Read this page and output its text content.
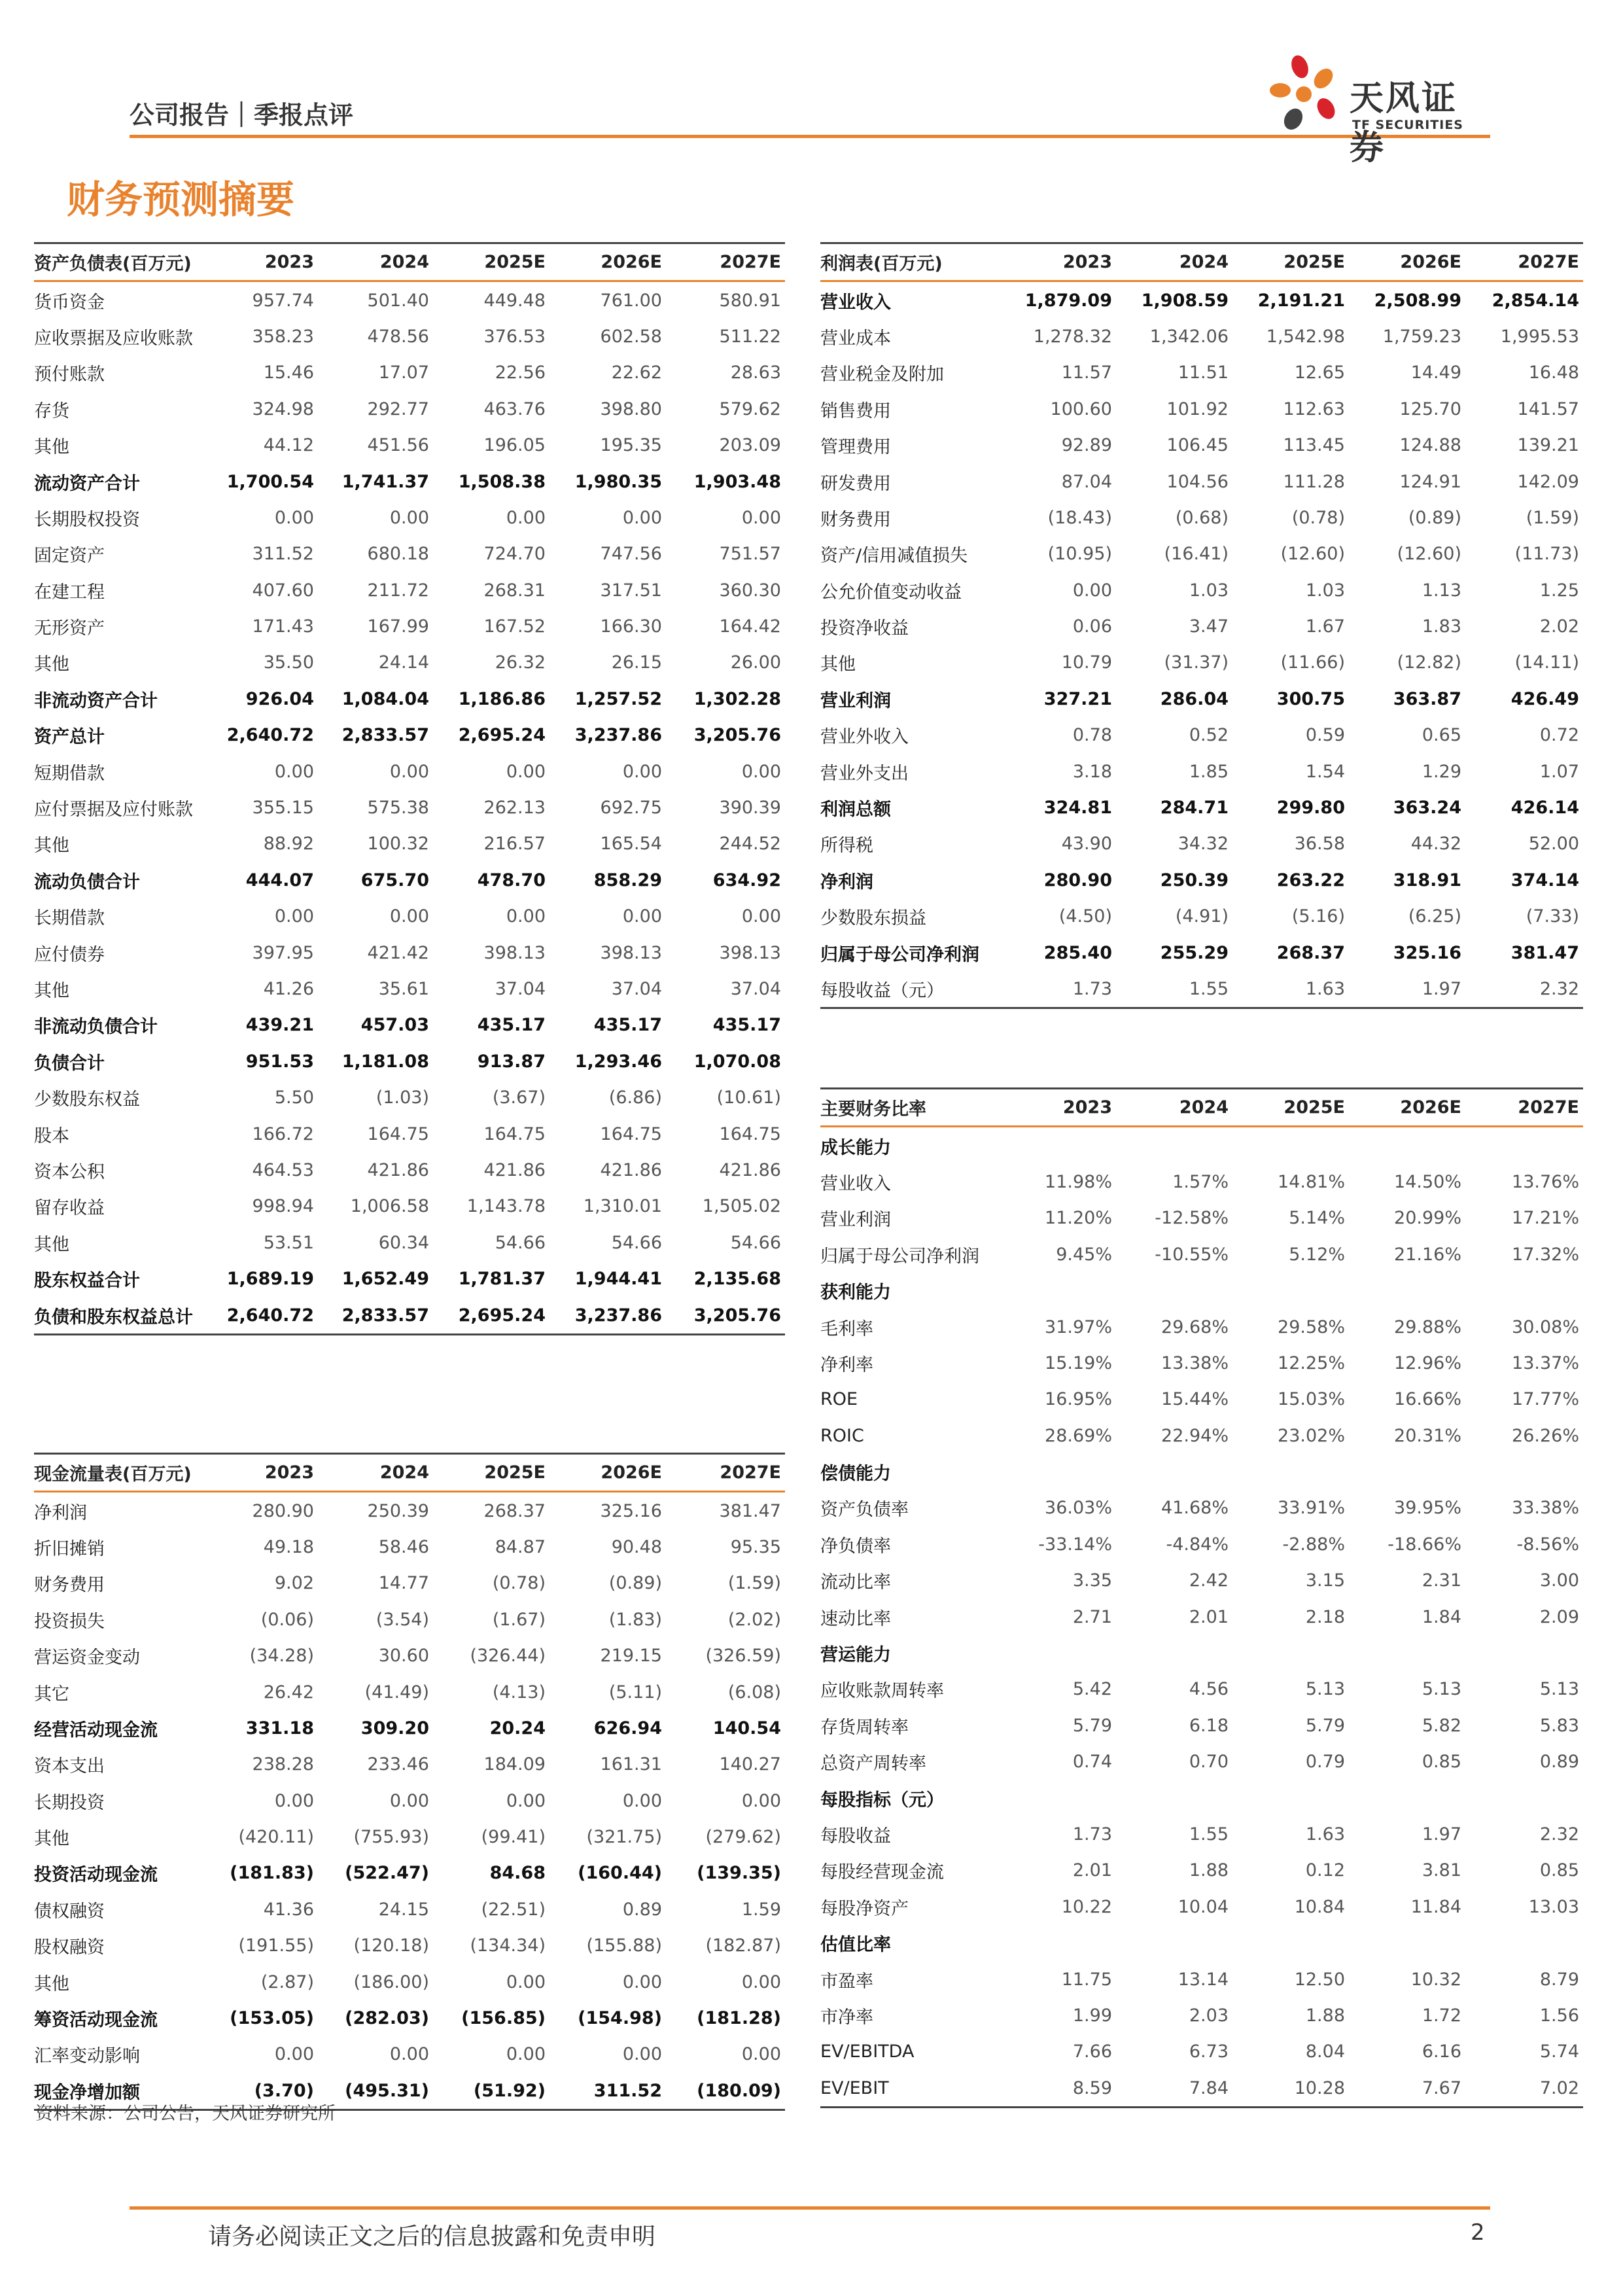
公司报告｜季报点评	天风证券
TF SECURITIES
财务预测摘要
资产负债表(百万元)	2023	2024	2025E	2026E	2027E
货币资金	957.74	501.40	449.48	761.00	580.91
应收票据及应收账款	358.23	478.56	376.53	602.58	511.22
预付账款	15.46	17.07	22.56	22.62	28.63
存货	324.98	292.77	463.76	398.80	579.62
其他	44.12	451.56	196.05	195.35	203.09
流动资产合计	1,700.54	1,741.37	1,508.38	1,980.35	1,903.48
长期股权投资	0.00	0.00	0.00	0.00	0.00
固定资产	311.52	680.18	724.70	747.56	751.57
在建工程	407.60	211.72	268.31	317.51	360.30
无形资产	171.43	167.99	167.52	166.30	164.42
其他	35.50	24.14	26.32	26.15	26.00
非流动资产合计	926.04	1,084.04	1,186.86	1,257.52	1,302.28
资产总计	2,640.72	2,833.57	2,695.24	3,237.86	3,205.76
短期借款	0.00	0.00	0.00	0.00	0.00
应付票据及应付账款	355.15	575.38	262.13	692.75	390.39
其他	88.92	100.32	216.57	165.54	244.52
流动负债合计	444.07	675.70	478.70	858.29	634.92
长期借款	0.00	0.00	0.00	0.00	0.00
应付债券	397.95	421.42	398.13	398.13	398.13
其他	41.26	35.61	37.04	37.04	37.04
非流动负债合计	439.21	457.03	435.17	435.17	435.17
负债合计	951.53	1,181.08	913.87	1,293.46	1,070.08
少数股东权益	5.50	(1.03)	(3.67)	(6.86)	(10.61)
股本	166.72	164.75	164.75	164.75	164.75
资本公积	464.53	421.86	421.86	421.86	421.86
留存收益	998.94	1,006.58	1,143.78	1,310.01	1,505.02
其他	53.51	60.34	54.66	54.66	54.66
股东权益合计	1,689.19	1,652.49	1,781.37	1,944.41	2,135.68
负债和股东权益总计	2,640.72	2,833.57	2,695.24	3,237.86	3,205.76
利润表(百万元)	2023	2024	2025E	2026E	2027E
营业收入	1,879.09	1,908.59	2,191.21	2,508.99	2,854.14
营业成本	1,278.32	1,342.06	1,542.98	1,759.23	1,995.53
营业税金及附加	11.57	11.51	12.65	14.49	16.48
销售费用	100.60	101.92	112.63	125.70	141.57
管理费用	92.89	106.45	113.45	124.88	139.21
研发费用	87.04	104.56	111.28	124.91	142.09
财务费用	(18.43)	(0.68)	(0.78)	(0.89)	(1.59)
资产/信用减值损失	(10.95)	(16.41)	(12.60)	(12.60)	(11.73)
公允价值变动收益	0.00	1.03	1.03	1.13	1.25
投资净收益	0.06	3.47	1.67	1.83	2.02
其他	10.79	(31.37)	(11.66)	(12.82)	(14.11)
营业利润	327.21	286.04	300.75	363.87	426.49
营业外收入	0.78	0.52	0.59	0.65	0.72
营业外支出	3.18	1.85	1.54	1.29	1.07
利润总额	324.81	284.71	299.80	363.24	426.14
所得税	43.90	34.32	36.58	44.32	52.00
净利润	280.90	250.39	263.22	318.91	374.14
少数股东损益	(4.50)	(4.91)	(5.16)	(6.25)	(7.33)
归属于母公司净利润	285.40	255.29	268.37	325.16	381.47
每股收益（元）	1.73	1.55	1.63	1.97	2.32
现金流量表(百万元)	2023	2024	2025E	2026E	2027E
净利润	280.90	250.39	268.37	325.16	381.47
折旧摊销	49.18	58.46	84.87	90.48	95.35
财务费用	9.02	14.77	(0.78)	(0.89)	(1.59)
投资损失	(0.06)	(3.54)	(1.67)	(1.83)	(2.02)
营运资金变动	(34.28)	30.60	(326.44)	219.15	(326.59)
其它	26.42	(41.49)	(4.13)	(5.11)	(6.08)
经营活动现金流	331.18	309.20	20.24	626.94	140.54
资本支出	238.28	233.46	184.09	161.31	140.27
长期投资	0.00	0.00	0.00	0.00	0.00
其他	(420.11)	(755.93)	(99.41)	(321.75)	(279.62)
投资活动现金流	(181.83)	(522.47)	84.68	(160.44)	(139.35)
债权融资	41.36	24.15	(22.51)	0.89	1.59
股权融资	(191.55)	(120.18)	(134.34)	(155.88)	(182.87)
其他	(2.87)	(186.00)	0.00	0.00	0.00
筹资活动现金流	(153.05)	(282.03)	(156.85)	(154.98)	(181.28)
汇率变动影响	0.00	0.00	0.00	0.00	0.00
现金净增加额	(3.70)	(495.31)	(51.92)	311.52	(180.09)
主要财务比率	2023	2024	2025E	2026E	2027E
成长能力					
营业收入	11.98%	1.57%	14.81%	14.50%	13.76%
营业利润	11.20%	-12.58%	5.14%	20.99%	17.21%
归属于母公司净利润	9.45%	-10.55%	5.12%	21.16%	17.32%
获利能力					
毛利率	31.97%	29.68%	29.58%	29.88%	30.08%
净利率	15.19%	13.38%	12.25%	12.96%	13.37%
ROE	16.95%	15.44%	15.03%	16.66%	17.77%
ROIC	28.69%	22.94%	23.02%	20.31%	26.26%
偿债能力					
资产负债率	36.03%	41.68%	33.91%	39.95%	33.38%
净负债率	-33.14%	-4.84%	-2.88%	-18.66%	-8.56%
流动比率	3.35	2.42	3.15	2.31	3.00
速动比率	2.71	2.01	2.18	1.84	2.09
营运能力					
应收账款周转率	5.42	4.56	5.13	5.13	5.13
存货周转率	5.79	6.18	5.79	5.82	5.83
总资产周转率	0.74	0.70	0.79	0.85	0.89
每股指标（元）					
每股收益	1.73	1.55	1.63	1.97	2.32
每股经营现金流	2.01	1.88	0.12	3.81	0.85
每股净资产	10.22	10.04	10.84	11.84	13.03
估值比率					
市盈率	11.75	13.14	12.50	10.32	8.79
市净率	1.99	2.03	1.88	1.72	1.56
EV/EBITDA	7.66	6.73	8.04	6.16	5.74
EV/EBIT	8.59	7.84	10.28	7.67	7.02
资料来源：公司公告，天风证券研究所
请务必阅读正文之后的信息披露和免责申明	2
